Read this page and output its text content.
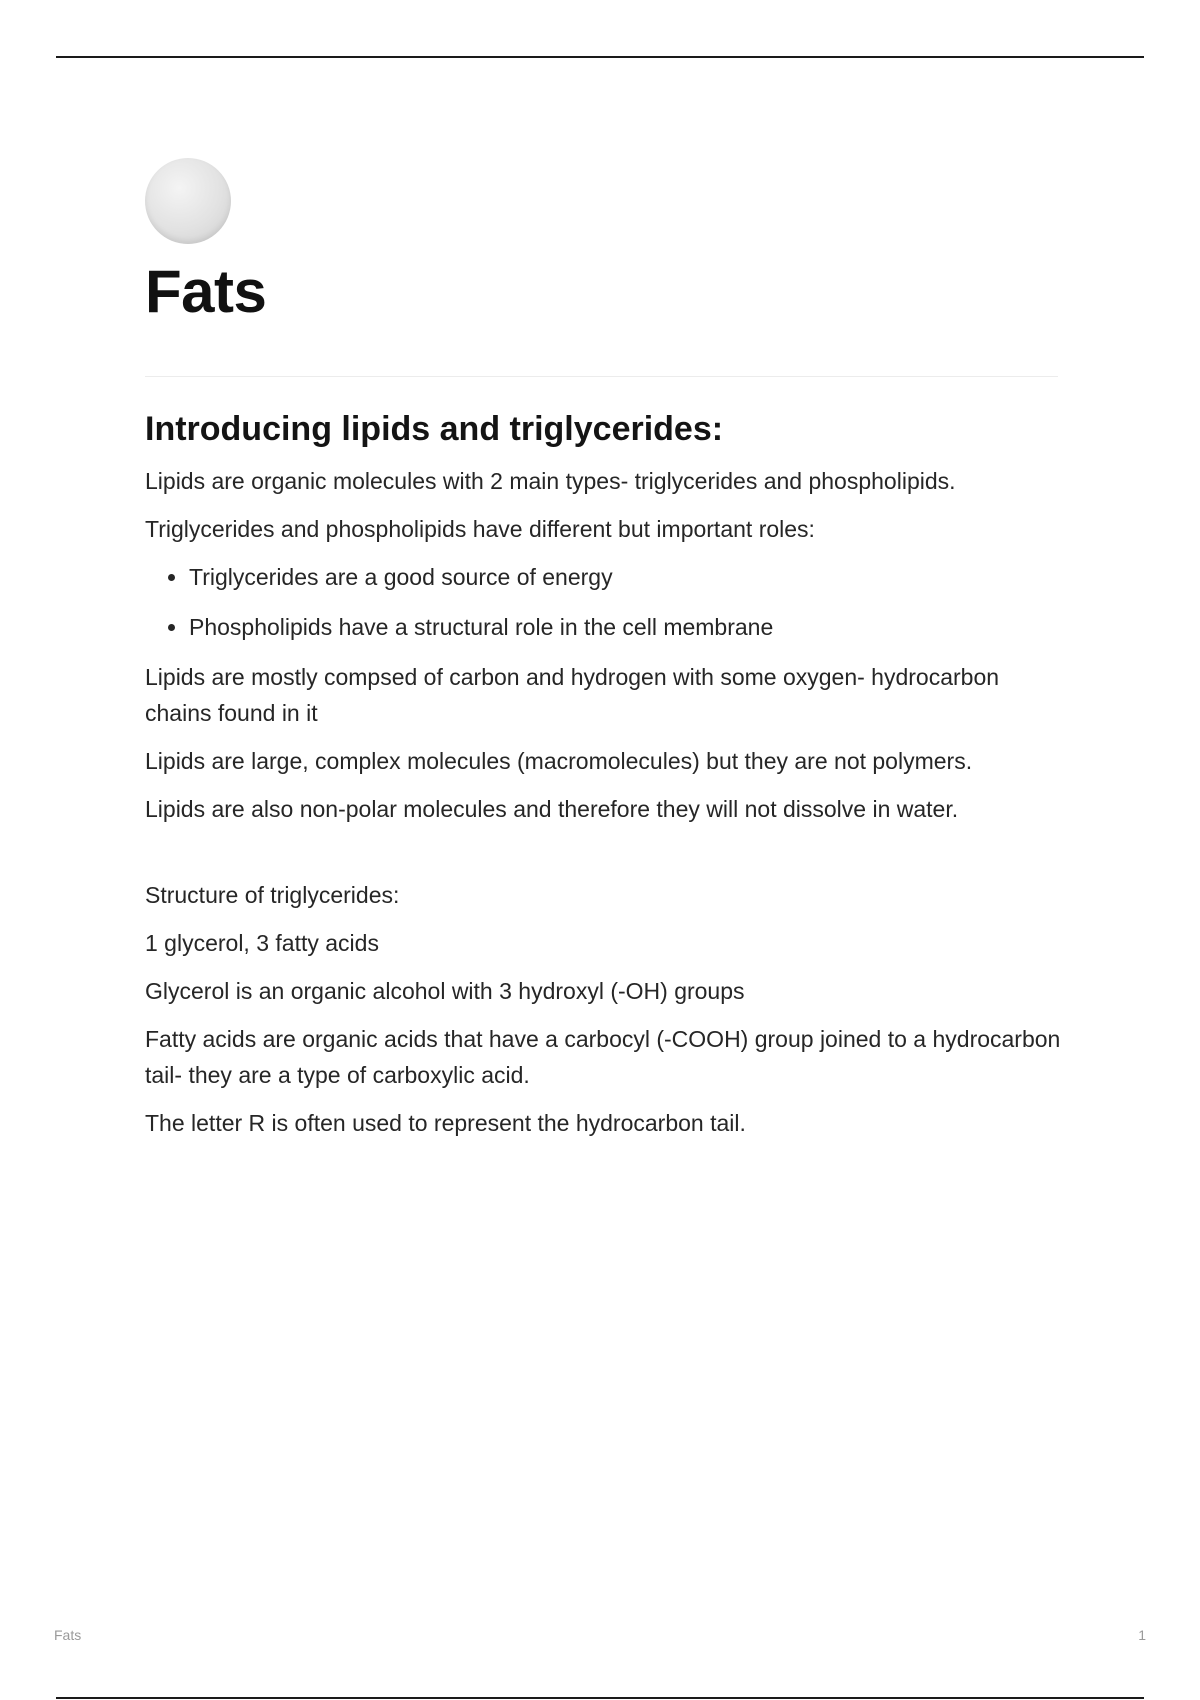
Fats
Introducing lipids and triglycerides:

Lipids are organic molecules with 2 main types- triglycerides and phospholipids.

Triglycerides and phospholipids have different but important roles:

• Triglycerides are a good source of energy
• Phospholipids have a structural role in the cell membrane

Lipids are mostly compsed of carbon and hydrogen with some oxygen- hydrocarbon chains found in it

Lipids are large, complex molecules (macromolecules) but they are not polymers.

Lipids are also non-polar molecules and therefore they will not dissolve in water.

Structure of triglycerides:

1 glycerol, 3 fatty acids

Glycerol is an organic alcohol with 3 hydroxyl (-OH) groups

Fatty acids are organic acids that have a carbocyl (-COOH) group joined to a hydrocarbon tail- they are a type of carboxylic acid.

The letter R is often used to represent the hydrocarbon tail.

Fats	1
